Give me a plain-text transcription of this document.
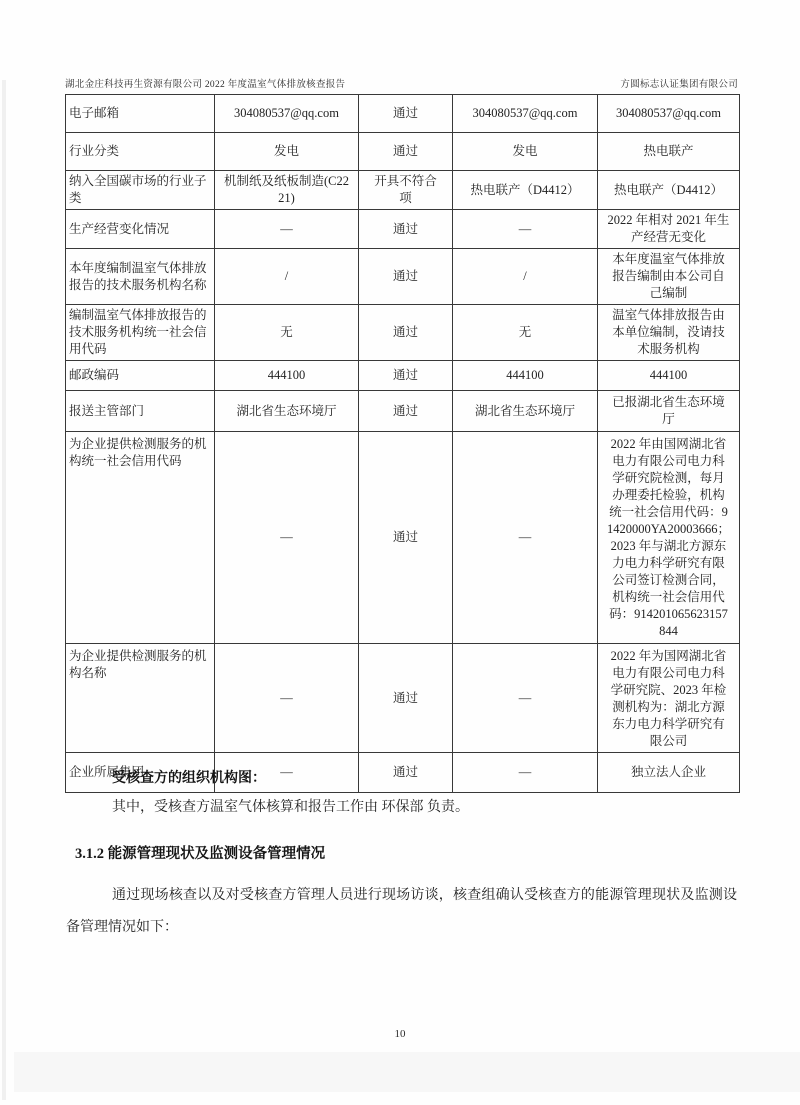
湖北金庄科技再生资源有限公司 2022 年度温室气体排放核查报告	方圆标志认证集团有限公司
电子邮箱	304080537@qq.com	通过	304080537@qq.com	304080537@qq.com
行业分类	发电	通过	发电	热电联产
纳入全国碳市场的行业子类	机制纸及纸板制造(C2221)	开具不符合项	热电联产（D4412）	热电联产（D4412）
生产经营变化情况	—	通过	—	2022 年相对 2021 年生产经营无变化
本年度编制温室气体排放报告的技术服务机构名称	/	通过	/	本年度温室气体排放报告编制由本公司自己编制
编制温室气体排放报告的技术服务机构统一社会信用代码	无	通过	无	温室气体排放报告由本单位编制，没请技术服务机构
邮政编码	444100	通过	444100	444100
报送主管部门	湖北省生态环境厅	通过	湖北省生态环境厅	已报湖北省生态环境厅
为企业提供检测服务的机构统一社会信用代码	—	通过	—	2022 年由国网湖北省电力有限公司电力科学研究院检测，每月办理委托检验，机构统一社会信用代码：91420000YA20003666；2023 年与湖北方源东力电力科学研究有限公司签订检测合同，机构统一社会信用代码：914201065623157844
为企业提供检测服务的机构名称	—	通过	—	2022 年为国网湖北省电力有限公司电力科学研究院、2023 年检测机构为：湖北方源东力电力科学研究有限公司
企业所属集团	—	通过	—	独立法人企业
受核查方的组织机构图：
其中，受核查方温室气体核算和报告工作由 环保部 负责。
3.1.2 能源管理现状及监测设备管理情况
通过现场核查以及对受核查方管理人员进行现场访谈，核查组确认受核查方的能源管理现状及监测设备管理情况如下：
10
